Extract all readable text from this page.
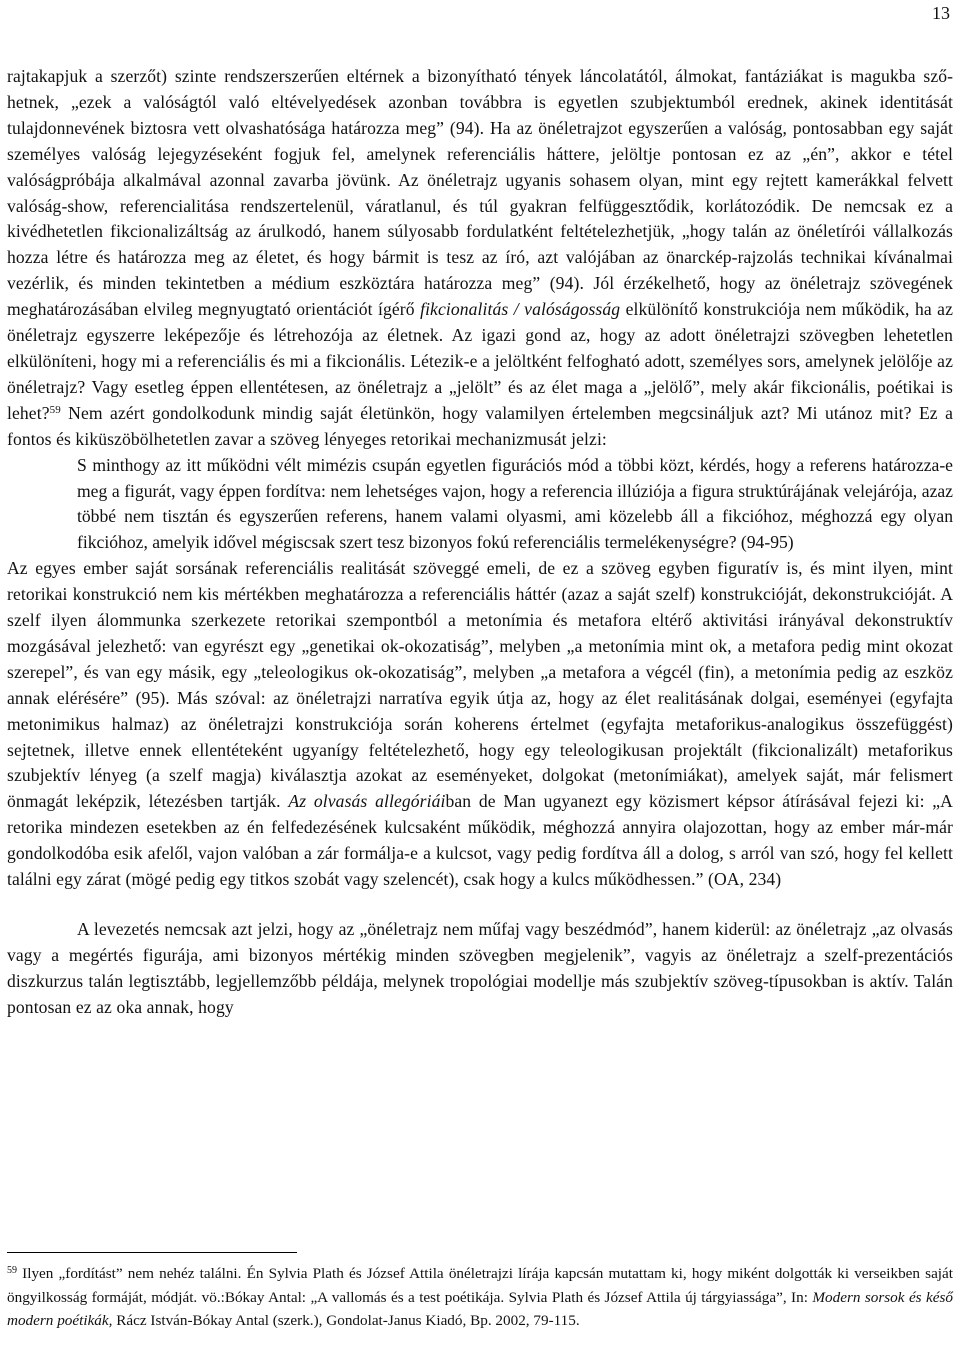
13

rajtakapjuk a szerzőt) szinte rendszerszerűen eltérnek a bizonyítható tények láncolatától, álmokat, fantáziákat is magukba szőhetnek, „ezek a valóságtól való eltévelyedések azonban továbbra is egyetlen szubjektumból erednek, akinek identitását tulajdonnevének biztosra vett olvashatósága határozza meg” (94). Ha az önéletrajzot egyszerűen a valóság, pontosabban egy saját személyes valóság lejegyzéseként fogjuk fel, amelynek referenciális háttere, jelöltje pontosan ez az „én”, akkor e tétel valóságpróbája alkalmával azonnal zavarba jövünk. Az önéletrajz ugyanis sohasem olyan, mint egy rejtett kamerákkal felvett valóság-show, referencialitása rendszertelenül, váratlanul, és túl gyakran felfüggesztődik, korlátozódik. De nemcsak ez a kivédhetetlen fikcionalizáltság az árulkodó, hanem súlyosabb fordulatként feltételezhetjük, „hogy talán az önéletírói vállalkozás hozza létre és határozza meg az életet, és hogy bármit is tesz az író, azt valójában az önarckép-rajzolás technikai kívánalmai vezérlik, és minden tekintetben a médium eszköztára határozza meg” (94). Jól érzékelhető, hogy az önéletrajz szövegének meghatározásában elvileg megnyugtató orientációt ígérő fikcionalitás / valóságosság elkülönítő konstrukciója nem működik, ha az önéletrajz egyszerre leképezője és létrehozója az életnek. Az igazi gond az, hogy az adott önéletrajzi szövegben lehetetlen elkülöníteni, hogy mi a referenciális és mi a fikcionális. Létezik-e a jelöltként felfogható adott, személyes sors, amelynek jelölője az önéletrajz? Vagy esetleg éppen ellentétesen, az önéletrajz a „jelölt” és az élet maga a „jelölő”, mely akár fikcionális, poétikai is lehet?$^{59}$ Nem azért gondolkodunk mindig saját életünkön, hogy valamilyen értelemben megcsináljuk azt? Mi utánoz mit? Ez a fontos és kiküszöbölhetetlen zavar a szöveg lényeges retorikai mechanizmusát jelzi:

S minthogy az itt működni vélt mimézis csupán egyetlen figurációs mód a többi közt, kérdés, hogy a referens határozza-e meg a figurát, vagy éppen fordítva: nem lehetséges vajon, hogy a referencia illúziója a figura struktúrájának velejárója, azaz többé nem tisztán és egyszerűen referens, hanem valami olyasmi, ami közelebb áll a fikcióhoz, méghozzá egy olyan fikcióhoz, amelyik idővel mégiscsak szert tesz bizonyos fokú referenciális termelékenységre? (94-95)

Az egyes ember saját sorsának referenciális realitását szöveggé emeli, de ez a szöveg egyben figuratív is, és mint ilyen, mint retorikai konstrukció nem kis mértékben meghatározza a referenciális háttér (azaz a saját szelf) konstrukcióját, dekonstrukcióját. A szelf ilyen álommunka szerkezete retorikai szempontból a metonímia és metafora eltérő aktivitási irányával dekonstruktív mozgásával jelezhető: van egyrészt egy „genetikai ok-okozatiság”, melyben „a metonímia mint ok, a metafora pedig mint okozat szerepel”, és van egy másik, egy „teleologikus ok-okozatiság”, melyben „a metafora a végcél (fin), a metonímia pedig az eszköz annak elérésére” (95). Más szóval: az önéletrajzi narratíva egyik útja az, hogy az élet realitásának dolgai, eseményei (egyfajta metonimikus halmaz) az önéletrajzi konstrukciója során koherens értelmet (egyfajta metaforikus-analogikus összefüggést) sejtetnek, illetve ennek ellentéteként ugyanígy feltételezhető, hogy egy teleologikusan projektált (fikcionalizált) metaforikus szubjektív lényeg (a szelf magja) kiválasztja azokat az eseményeket, dolgokat (metonímiákat), amelyek saját, már felismert önmagát leképzik, létezésben tartják. Az olvasás allegóriáiban de Man ugyanezt egy közismert képsor átírásával fejezi ki: „A retorika mindezen esetekben az én felfedezésének kulcsaként működik, méghozzá annyira olajozottan, hogy az ember már-már gondolkodóba esik afelől, vajon valóban a zár formálja-e a kulcsot, vagy pedig fordítva áll a dolog, s arról van szó, hogy fel kellett találni egy zárat (mögé pedig egy titkos szobát vagy szelencét), csak hogy a kulcs működhessen.” (OA, 234)

A levezetés nemcsak azt jelzi, hogy az „önéletrajz nem műfaj vagy beszédmód”, hanem kiderül: az önéletrajz „az olvasás vagy a megértés figurája, ami bizonyos mértékig minden szövegben megjelenik”, vagyis az önéletrajz a szelf-prezentációs diszkurzus talán legtisztább, legjellemzőbb példája, melynek tropológiai modellje más szubjektív szöveg-típusokban is aktív. Talán pontosan ez az oka annak, hogy

$^{59}$ Ilyen „fordítást” nem nehéz találni. Én Sylvia Plath és József Attila önéletrajzi lírája kapcsán mutattam ki, hogy miként dolgották ki verseikben saját öngyilkosság formáját, módját. vö.:Bókay Antal: „A vallomás és a test poétikája. Sylvia Plath és József Attila új tárgyiassága”, In: Modern sorsok és késő modern poétikák, Rácz István-Bókay Antal (szerk.), Gondolat-Janus Kiadó, Bp. 2002, 79-115.
